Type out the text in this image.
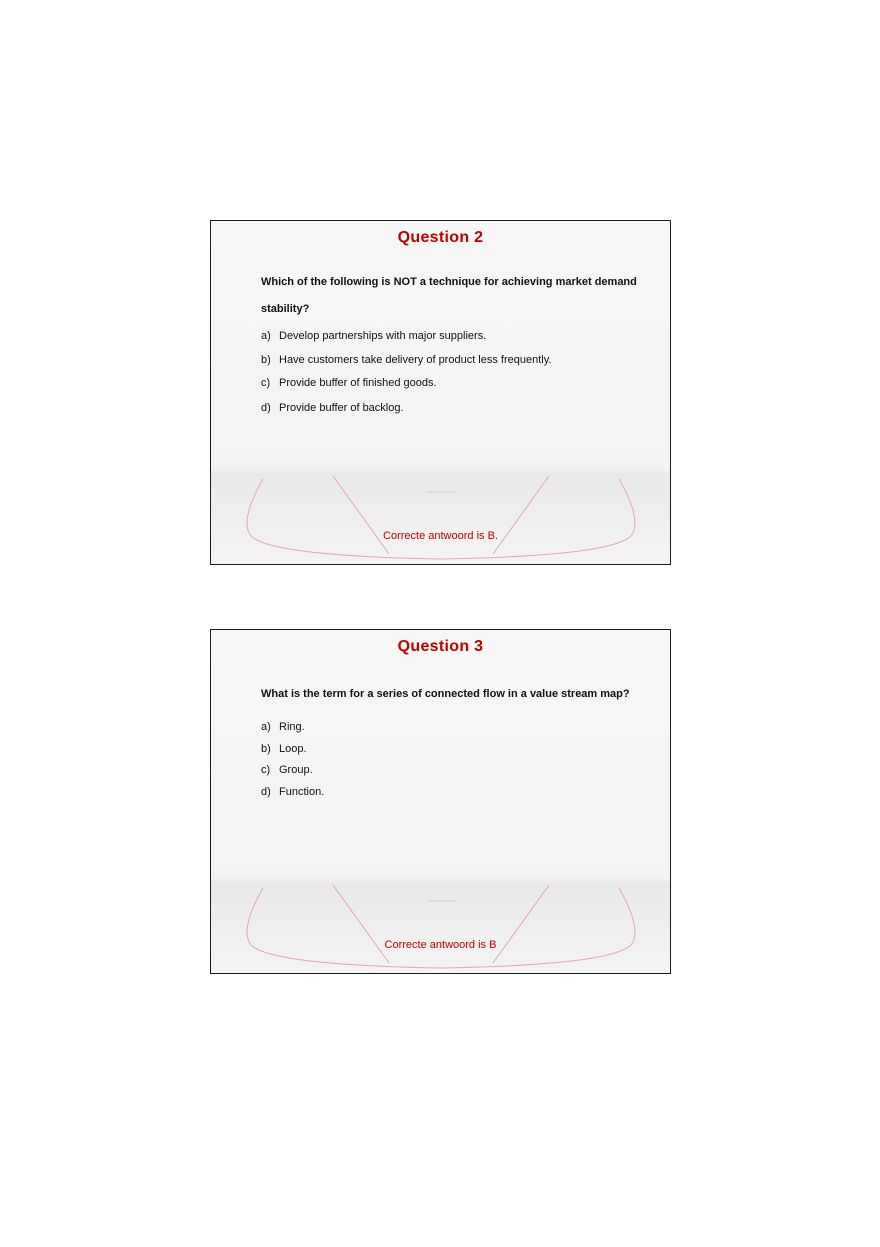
Question 2
Which of the following is NOT a technique for achieving market demand stability?
a) Develop partnerships with major suppliers.
b) Have customers take delivery of product less frequently.
c) Provide buffer of finished goods.
d) Provide buffer of backlog.
Correcte antwoord is B.
Question 3
What is the term for a series of connected flow in a value stream map?
a) Ring.
b) Loop.
c) Group.
d) Function.
Correcte antwoord is B
